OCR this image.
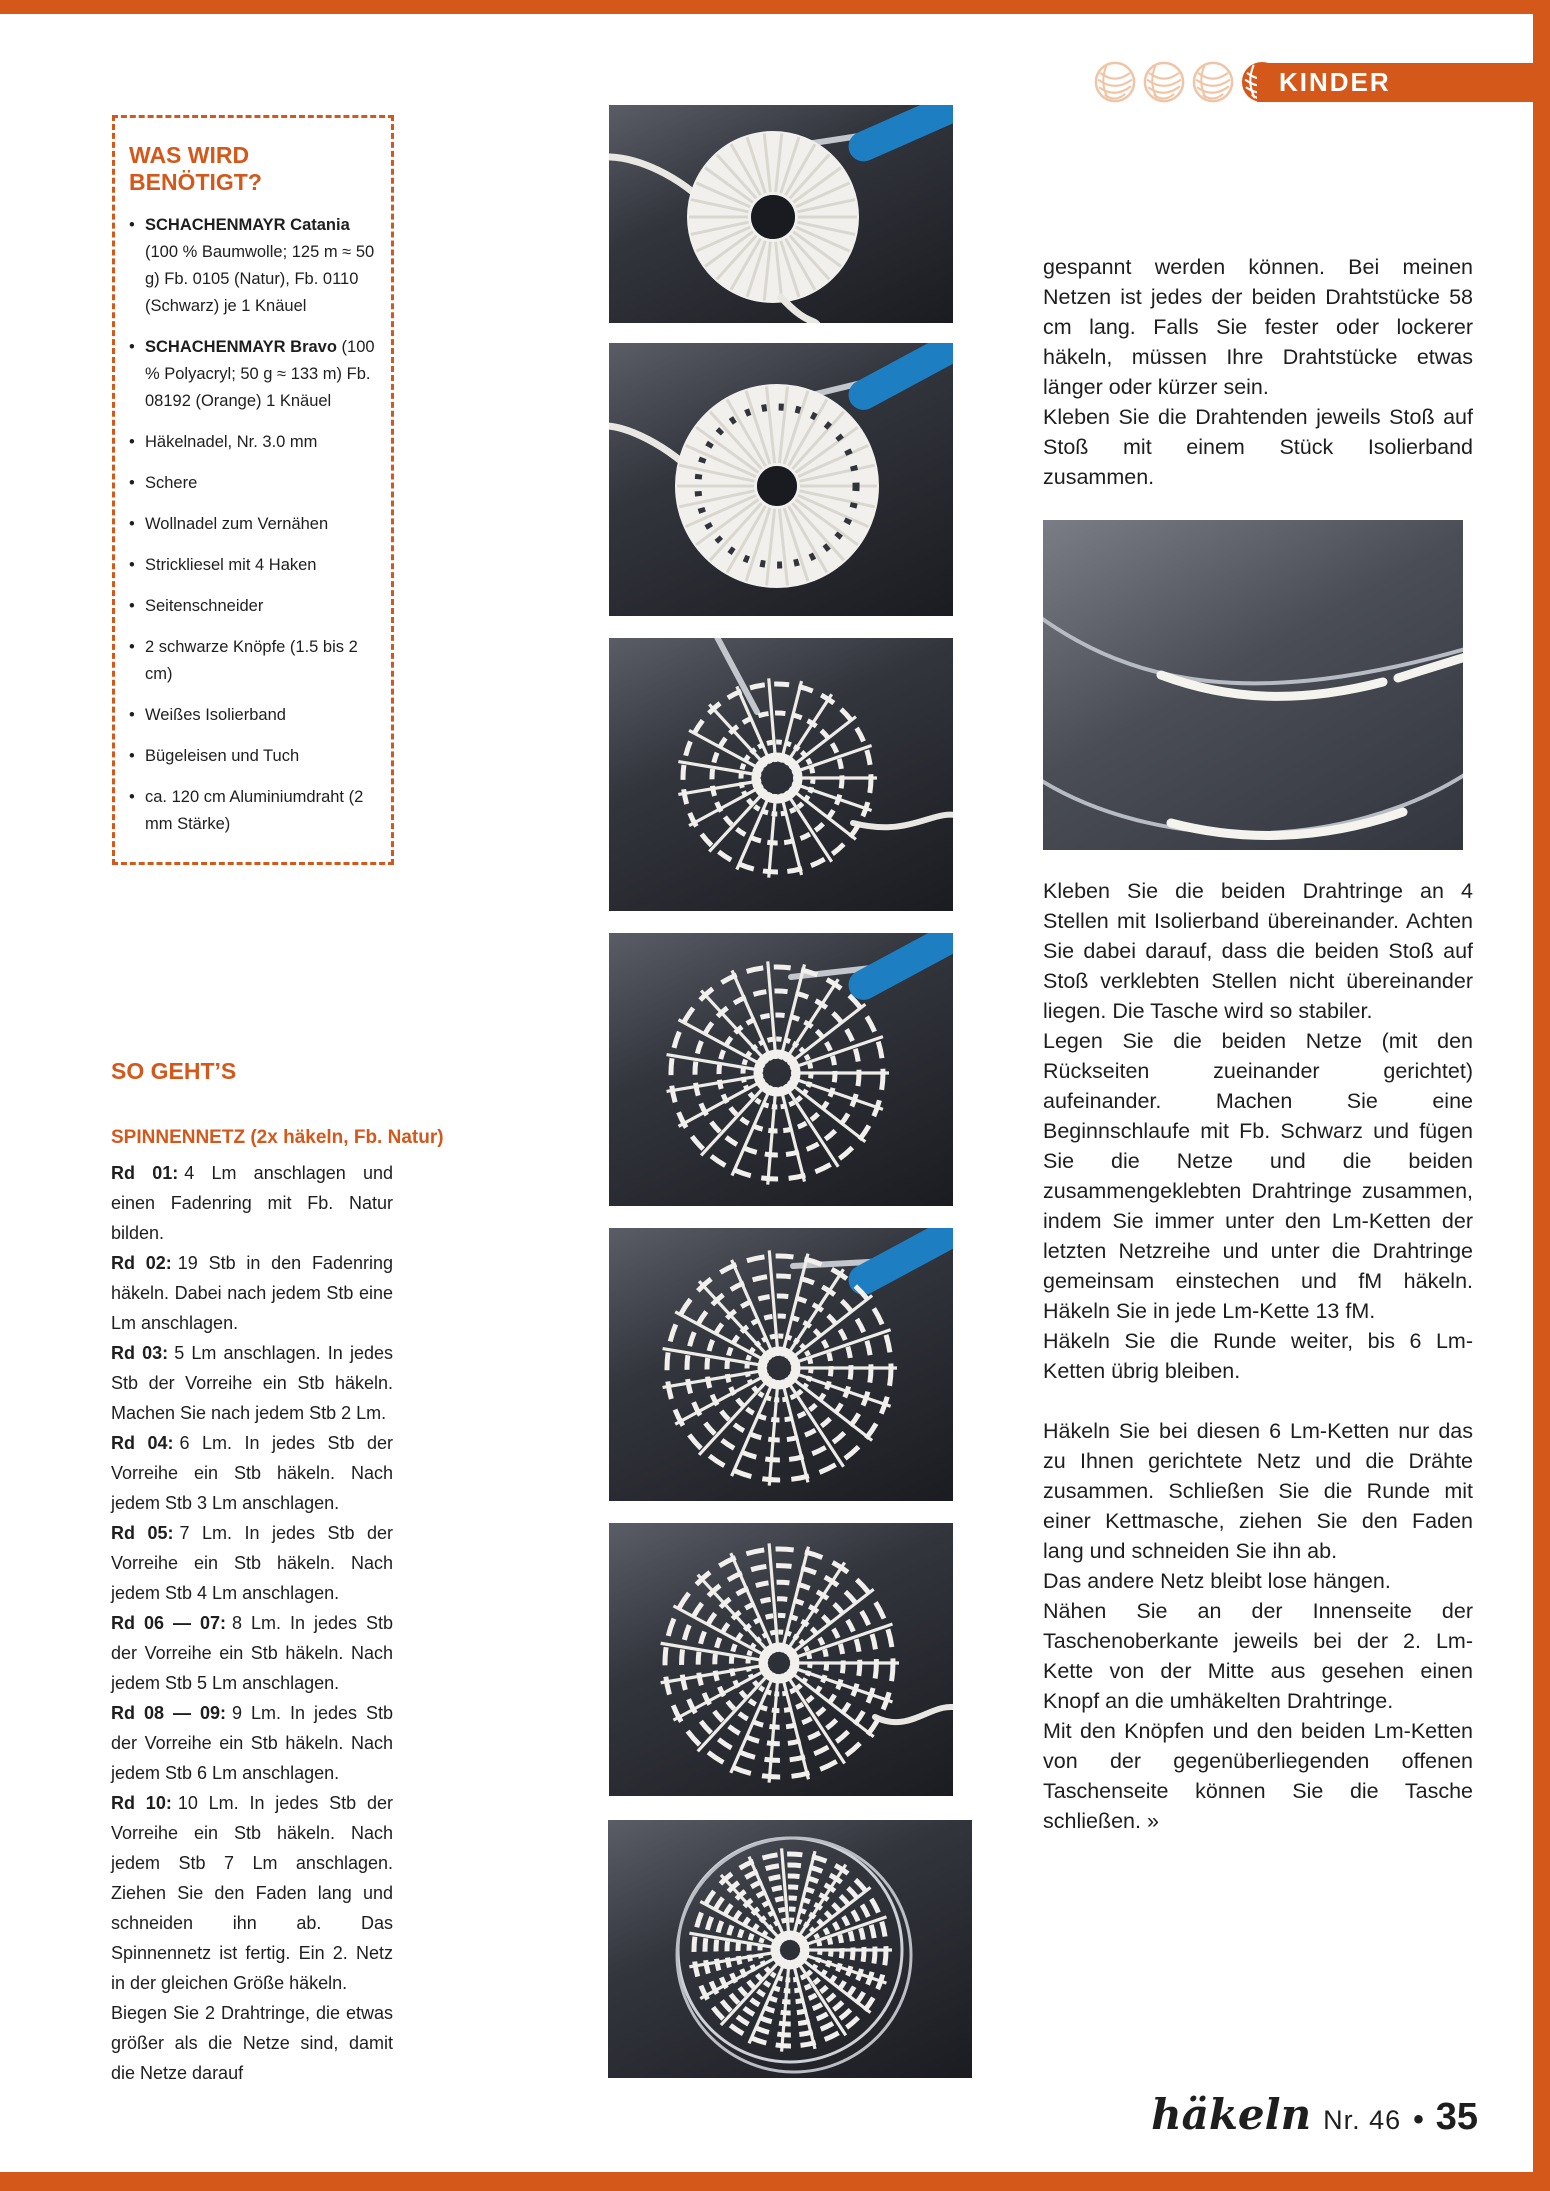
KINDER
WAS WIRD BENÖTIGT?
• SCHACHENMAYR Catania (100 % Baumwolle; 125 m ≈ 50 g) Fb. 0105 (Natur), Fb. 0110 (Schwarz) je 1 Knäuel
• SCHACHENMAYR Bravo (100 % Polyacryl; 50 g ≈ 133 m) Fb. 08192 (Orange) 1 Knäuel
• Häkelnadel, Nr. 3.0 mm
• Schere
• Wollnadel zum Vernähen
• Strickliesel mit 4 Haken
• Seitenschneider
• 2 schwarze Knöpfe (1.5 bis 2 cm)
• Weißes Isolierband
• Bügeleisen und Tuch
• ca. 120 cm Aluminiumdraht (2 mm Stärke)
SO GEHT’S
SPINNENNETZ (2x häkeln, Fb. Natur)

Rd 01: 4 Lm anschlagen und einen Fadenring mit Fb. Natur bilden.

Rd 02: 19 Stb in den Fadenring häkeln. Dabei nach jedem Stb eine Lm anschlagen.

Rd 03: 5 Lm anschlagen. In jedes Stb der Vorreihe ein Stb häkeln. Machen Sie nach jedem Stb 2 Lm.

Rd 04: 6 Lm. In jedes Stb der Vorreihe ein Stb häkeln. Nach jedem Stb 3 Lm anschlagen.

Rd 05: 7 Lm. In jedes Stb der Vorreihe ein Stb häkeln. Nach jedem Stb 4 Lm anschlagen.

Rd 06 — 07: 8 Lm. In jedes Stb der Vorreihe ein Stb häkeln. Nach jedem Stb 5 Lm anschlagen.

Rd 08 — 09: 9 Lm. In jedes Stb der Vorreihe ein Stb häkeln. Nach jedem Stb 6 Lm anschlagen.

Rd 10: 10 Lm. In jedes Stb der Vorreihe ein Stb häkeln. Nach jedem Stb 7 Lm anschlagen. Ziehen Sie den Faden lang und schneiden ihn ab. Das Spinnennetz ist fertig. Ein 2. Netz in der gleichen Größe häkeln.

Biegen Sie 2 Drahtringe, die etwas größer als die Netze sind, damit die Netze darauf

gespannt werden können. Bei meinen Netzen ist jedes der beiden Drahtstücke 58 cm lang. Falls Sie fester oder lockerer häkeln, müssen Ihre Drahtstücke etwas länger oder kürzer sein.

Kleben Sie die Drahtenden jeweils Stoß auf Stoß mit einem Stück Isolierband zusammen.

Kleben Sie die beiden Drahtringe an 4 Stellen mit Isolierband übereinander. Achten Sie dabei darauf, dass die beiden Stoß auf Stoß verklebten Stellen nicht übereinander liegen. Die Tasche wird so stabiler.

Legen Sie die beiden Netze (mit den Rückseiten zueinander gerichtet) aufeinander. Machen Sie eine Beginnschlaufe mit Fb. Schwarz und fügen Sie die Netze und die beiden zusammengeklebten Drahtringe zusammen, indem Sie immer unter den Lm-Ketten der letzten Netzreihe und unter die Drahtringe gemeinsam einstechen und fM häkeln. Häkeln Sie in jede Lm-Kette 13 fM.

Häkeln Sie die Runde weiter, bis 6 Lm-Ketten übrig bleiben.

Häkeln Sie bei diesen 6 Lm-Ketten nur das zu Ihnen gerichtete Netz und die Drähte zusammen. Schließen Sie die Runde mit einer Kettmasche, ziehen Sie den Faden lang und schneiden Sie ihn ab.

Das andere Netz bleibt lose hängen.

Nähen Sie an der Innenseite der Taschenoberkante jeweils bei der 2. Lm-Kette von der Mitte aus gesehen einen Knopf an die umhäkelten Drahtringe.

Mit den Knöpfen und den beiden Lm-Ketten von der gegenüberliegenden offenen Taschenseite können Sie die Tasche schließen. »

häkeln Nr. 46 • 35
